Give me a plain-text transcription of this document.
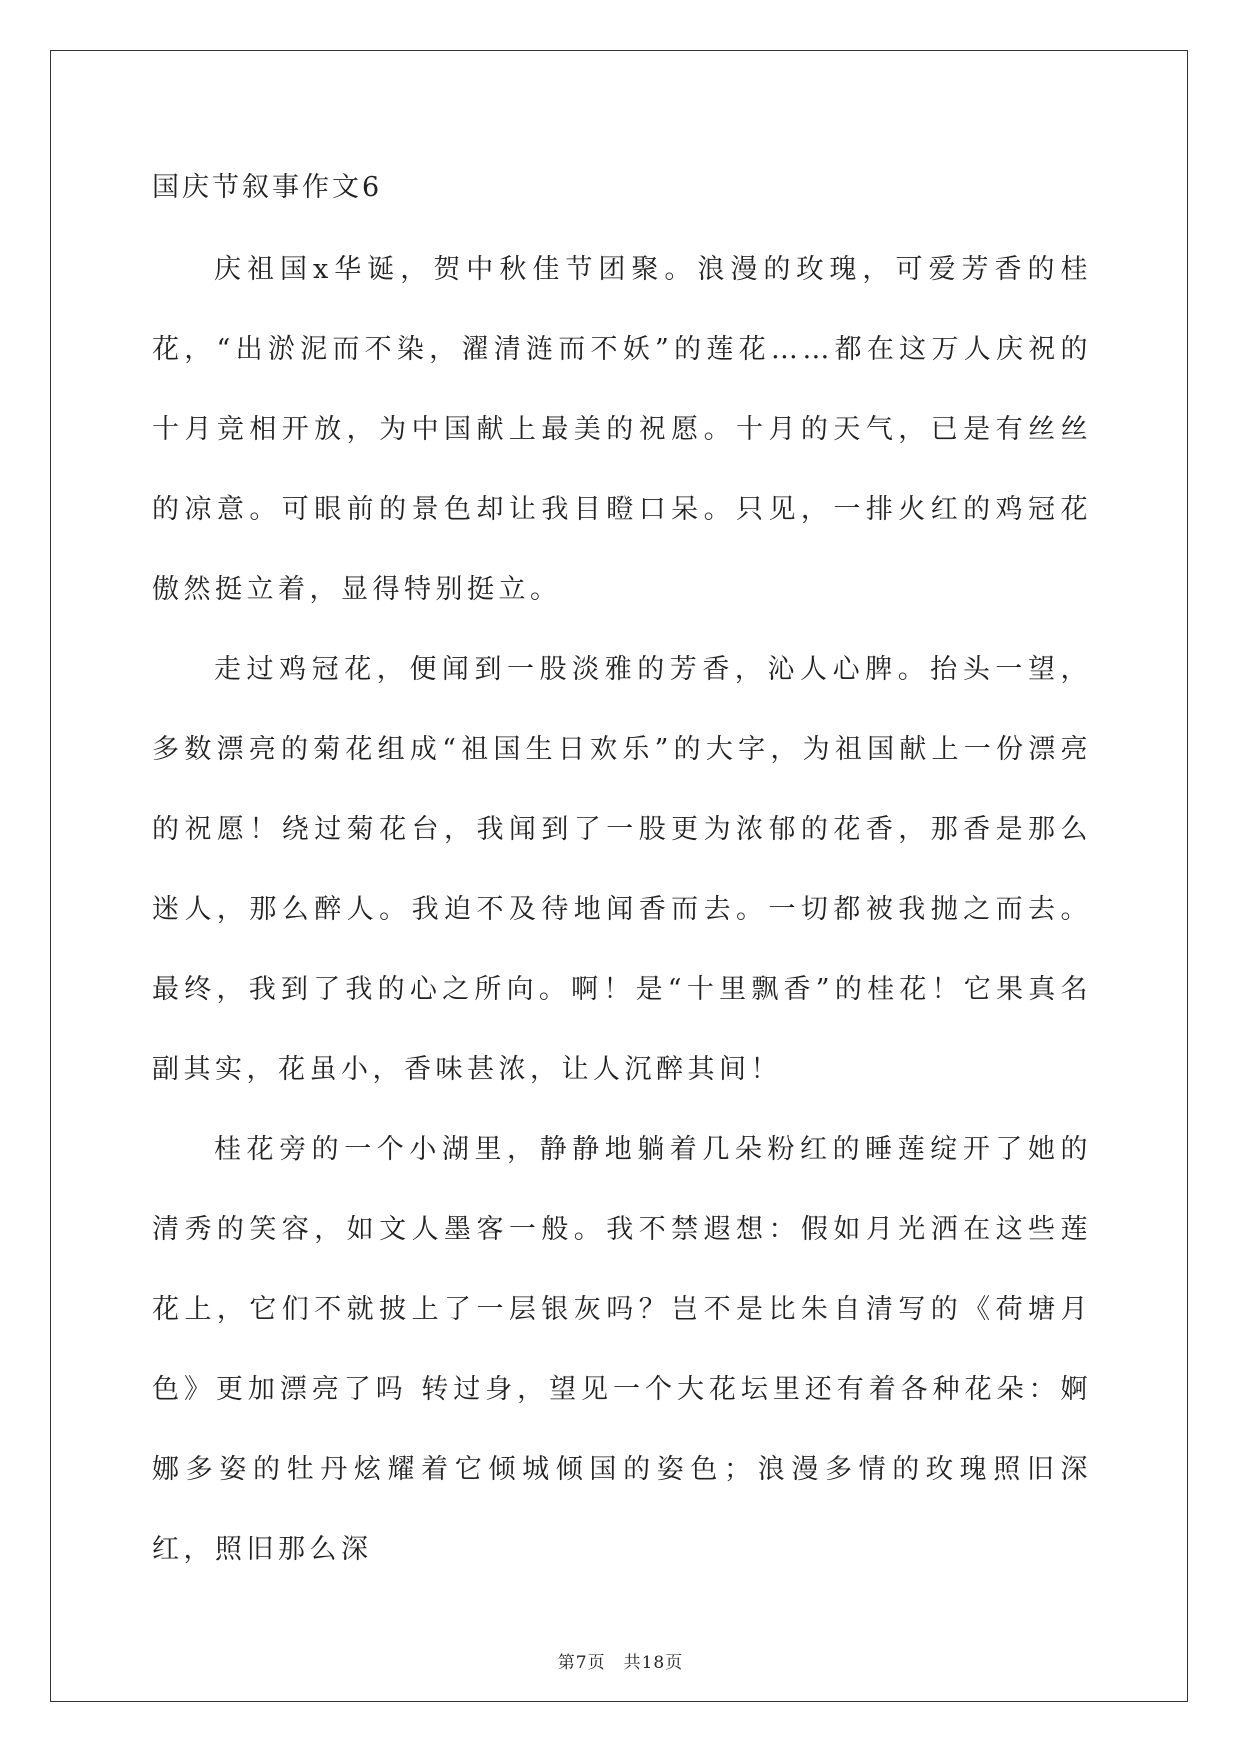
国庆节叙事作文6

庆祖国x华诞，贺中秋佳节团聚。浪漫的玫瑰，可爱芳香的桂花，“出淤泥而不染，濯清涟而不妖”的莲花……都在这万人庆祝的十月竞相开放，为中国献上最美的祝愿。十月的天气，已是有丝丝的凉意。可眼前的景色却让我目瞪口呆。只见，一排火红的鸡冠花傲然挺立着，显得特别挺立。

走过鸡冠花，便闻到一股淡雅的芳香，沁人心脾。抬头一望，多数漂亮的菊花组成“祖国生日欢乐”的大字，为祖国献上一份漂亮的祝愿！绕过菊花台，我闻到了一股更为浓郁的花香，那香是那么迷人，那么醉人。我迫不及待地闻香而去。一切都被我抛之而去。最终，我到了我的心之所向。啊！是“十里飘香”的桂花！它果真名副其实，花虽小，香味甚浓，让人沉醉其间！

桂花旁的一个小湖里，静静地躺着几朵粉红的睡莲绽开了她的清秀的笑容，如文人墨客一般。我不禁遐想：假如月光洒在这些莲花上，它们不就披上了一层银灰吗？岂不是比朱自清写的《荷塘月色》更加漂亮了吗 转过身，望见一个大花坛里还有着各种花朵：婀娜多姿的牡丹炫耀着它倾城倾国的姿色；浪漫多情的玫瑰照旧深红，照旧那么深

第7页　共18页
